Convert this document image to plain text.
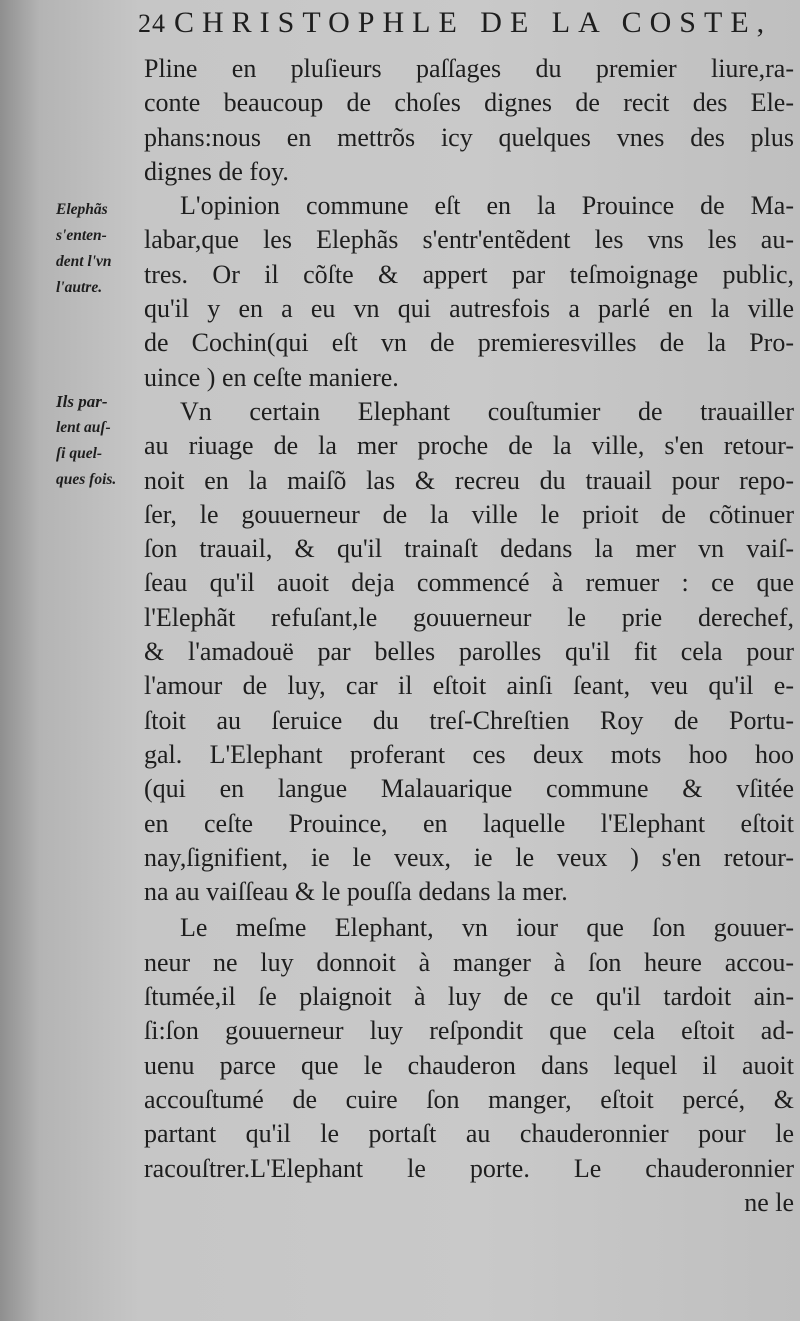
24 CHRISTOPHLE DE LA COSTE,
Elephãs
s'enten-
dent l'vn
l'autre.
Ils par-
lent auſ-
ſi quel-
ques fois.
Pline en pluſieurs paſſages du premier liure,ra-
conte beaucoup de choſes dignes de recit des Ele-
phans:nous en mettrõs icy quelques vnes des plus
dignes de foy.
L'opinion commune eſt en la Prouince de Ma-
labar,que les Elephãs s'entr'entẽdent les vns les au-
tres. Or il cõſte & appert par teſmoignage public,
qu'il y en a eu vn qui autresfois a parlé en la ville
de Cochin(qui eſt vn de premieresvilles de la Pro-
uince ) en ceſte maniere.
Vn certain Elephant couſtumier de trauailler
au riuage de la mer proche de la ville, s'en retour-
noit en la maiſõ las & recreu du trauail pour repo-
ſer, le gouuerneur de la ville le prioit de cõtinuer
ſon trauail, & qu'il trainaſt dedans la mer vn vaiſ-
ſeau qu'il auoit deja commencé à remuer : ce que
l'Elephãt refuſant,le gouuerneur le prie derechef,
& l'amadouë par belles parolles qu'il fit cela pour
l'amour de luy, car il eſtoit ainſi ſeant, veu qu'il e-
ſtoit au ſeruice du treſ-Chreſtien Roy de Portu-
gal. L'Elephant proferant ces deux mots hoo hoo
(qui en langue Malauarique commune & vſitée
en ceſte Prouince, en laquelle l'Elephant eſtoit
nay,ſignifient, ie le veux, ie le veux ) s'en retour-
na au vaiſſeau & le pouſſa dedans la mer.
Le meſme Elephant, vn iour que ſon gouuer-
neur ne luy donnoit à manger à ſon heure accou-
ſtumée,il ſe plaignoit à luy de ce qu'il tardoit ain-
ſi:ſon gouuerneur luy reſpondit que cela eſtoit ad-
uenu parce que le chauderon dans lequel il auoit
accouſtumé de cuire ſon manger, eſtoit percé, &
partant qu'il le portaſt au chauderonnier pour le
racouſtrer.L'Elephant le porte. Le chauderonnier
ne le
